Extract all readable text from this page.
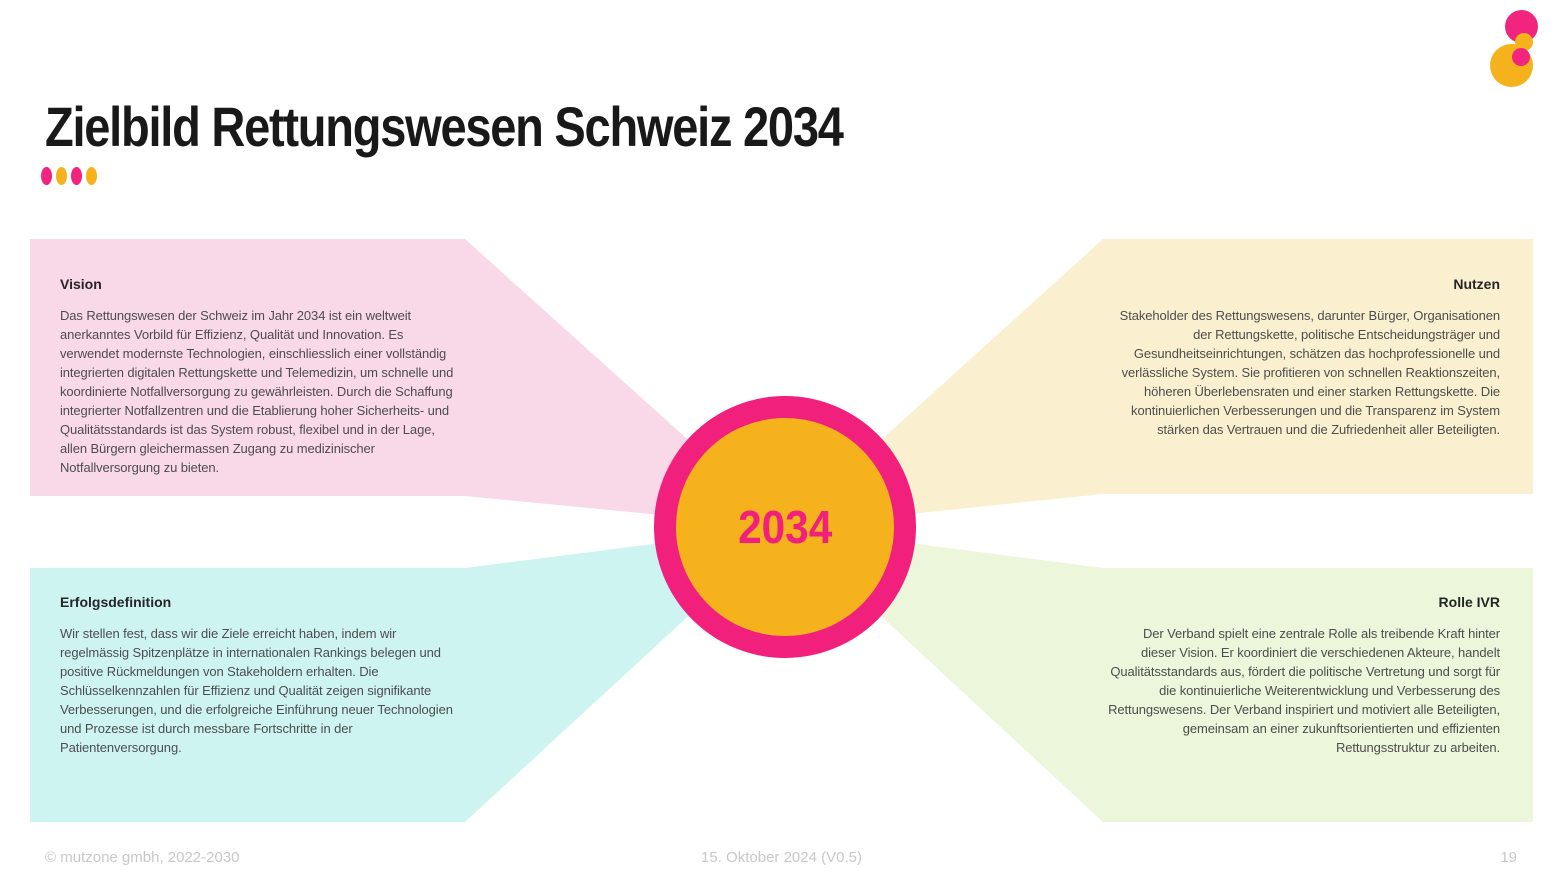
Zielbild Rettungswesen Schweiz 2034
2034
Vision
Das Rettungswesen der Schweiz im Jahr 2034 ist ein weltweit anerkanntes Vorbild für Effizienz, Qualität und Innovation. Es verwendet modernste Technologien, einschliesslich einer vollständig integrierten digitalen Rettungskette und Telemedizin, um schnelle und koordinierte Notfallversorgung zu gewährleisten. Durch die Schaffung integrierter Notfallzentren und die Etablierung hoher Sicherheits- und Qualitätsstandards ist das System robust, flexibel und in der Lage, allen Bürgern gleichermassen Zugang zu medizinischer Notfallversorgung zu bieten.
Nutzen
Stakeholder des Rettungswesens, darunter Bürger, Organisationen der Rettungskette, politische Entscheidungsträger und Gesundheitseinrichtungen, schätzen das hochprofessionelle und verlässliche System. Sie profitieren von schnellen Reaktionszeiten, höheren Überlebensraten und einer starken Rettungskette. Die kontinuierlichen Verbesserungen und die Transparenz im System stärken das Vertrauen und die Zufriedenheit aller Beteiligten.
Erfolgsdefinition
Wir stellen fest, dass wir die Ziele erreicht haben, indem wir regelmässig Spitzenplätze in internationalen Rankings belegen und positive Rückmeldungen von Stakeholdern erhalten. Die Schlüsselkennzahlen für Effizienz und Qualität zeigen signifikante Verbesserungen, und die erfolgreiche Einführung neuer Technologien und Prozesse ist durch messbare Fortschritte in der Patientenversorgung.
Rolle IVR
Der Verband spielt eine zentrale Rolle als treibende Kraft hinter dieser Vision. Er koordiniert die verschiedenen Akteure, handelt Qualitätsstandards aus, fördert die politische Vertretung und sorgt für die kontinuierliche Weiterentwicklung und Verbesserung des Rettungswesens. Der Verband inspiriert und motiviert alle Beteiligten, gemeinsam an einer zukunftsorientierten und effizienten Rettungsstruktur zu arbeiten.
© mutzone gmbh, 2022-2030	15. Oktober 2024 (V0.5)	19
